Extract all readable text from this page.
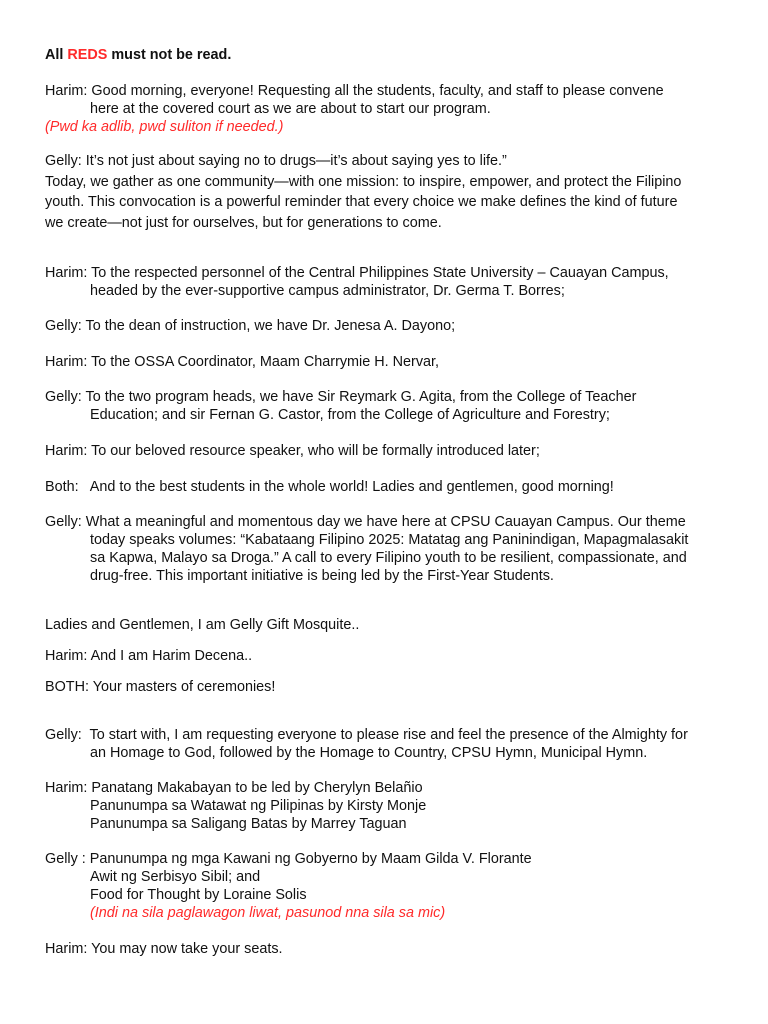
All REDS must not be read.
Harim: Good morning, everyone! Requesting all the students, faculty, and staff to please convene
here at the covered court as we are about to start our program.
(Pwd ka adlib, pwd suliton if needed.)
Gelly: It’s not just about saying no to drugs—it’s about saying yes to life.”
Today, we gather as one community—with one mission: to inspire, empower, and protect the Filipino
youth. This convocation is a powerful reminder that every choice we make defines the kind of future
we create—not just for ourselves, but for generations to come.
Harim: To the respected personnel of the Central Philippines State University – Cauayan Campus,
headed by the ever-supportive campus administrator, Dr. Germa T. Borres;
Gelly: To the dean of instruction, we have Dr. Jenesa A. Dayono;
Harim: To the OSSA Coordinator, Maam Charrymie H. Nervar,
Gelly: To the two program heads, we have Sir Reymark G. Agita, from the College of Teacher
Education; and sir Fernan G. Castor, from the College of Agriculture and Forestry;
Harim: To our beloved resource speaker, who will be formally introduced later;
Both:   And to the best students in the whole world! Ladies and gentlemen, good morning!
Gelly: What a meaningful and momentous day we have here at CPSU Cauayan Campus. Our theme
today speaks volumes: “Kabataang Filipino 2025: Matatag ang Paninindigan, Mapagmalasakit
sa Kapwa, Malayo sa Droga.” A call to every Filipino youth to be resilient, compassionate, and
drug-free. This important initiative is being led by the First-Year Students.
Ladies and Gentlemen, I am Gelly Gift Mosquite..
Harim: And I am Harim Decena..
BOTH: Your masters of ceremonies!
Gelly:  To start with, I am requesting everyone to please rise and feel the presence of the Almighty for
an Homage to God, followed by the Homage to Country, CPSU Hymn, Municipal Hymn.
Harim: Panatang Makabayan to be led by Cherylyn Belañio
Panunumpa sa Watawat ng Pilipinas by Kirsty Monje
Panunumpa sa Saligang Batas by Marrey Taguan
Gelly : Panunumpa ng mga Kawani ng Gobyerno by Maam Gilda V. Florante
Awit ng Serbisyo Sibil; and
Food for Thought by Loraine Solis
(Indi na sila paglawagon liwat, pasunod nna sila sa mic)
Harim: You may now take your seats.
